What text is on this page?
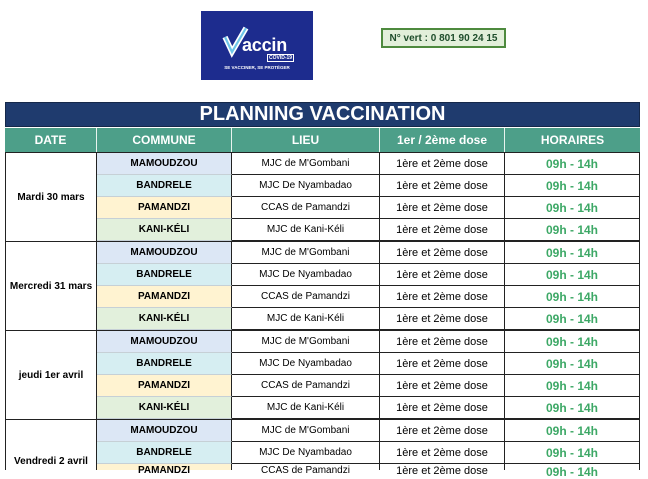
accin
COVID-19
SE VACCINER, SE PROTÉGER
N° vert : 0 801 90 24 15
PLANNING VACCINATION
DATE	COMMUNE	LIEU	1er / 2ème dose	HORAIRES
Mardi 30 mars
MAMOUDZOU	MJC de M'Gombani	1ère et 2ème dose	09h - 14h
BANDRELE	MJC De Nyambadao	1ère et 2ème dose	09h - 14h
PAMANDZI	CCAS de Pamandzi	1ère et 2ème dose	09h - 14h
KANI-KÉLI	MJC de Kani-Kéli	1ère et 2ème dose	09h - 14h
Mercredi 31 mars
MAMOUDZOU	MJC de M'Gombani	1ère et 2ème dose	09h - 14h
BANDRELE	MJC De Nyambadao	1ère et 2ème dose	09h - 14h
PAMANDZI	CCAS de Pamandzi	1ère et 2ème dose	09h - 14h
KANI-KÉLI	MJC de Kani-Kéli	1ère et 2ème dose	09h - 14h
jeudi 1er avril
MAMOUDZOU	MJC de M'Gombani	1ère et 2ème dose	09h - 14h
BANDRELE	MJC De Nyambadao	1ère et 2ème dose	09h - 14h
PAMANDZI	CCAS de Pamandzi	1ère et 2ème dose	09h - 14h
KANI-KÉLI	MJC de Kani-Kéli	1ère et 2ème dose	09h - 14h
Vendredi 2 avril
MAMOUDZOU	MJC de M'Gombani	1ère et 2ème dose	09h - 14h
BANDRELE	MJC De Nyambadao	1ère et 2ème dose	09h - 14h
PAMANDZI	CCAS de Pamandzi	1ère et 2ème dose	09h - 14h
